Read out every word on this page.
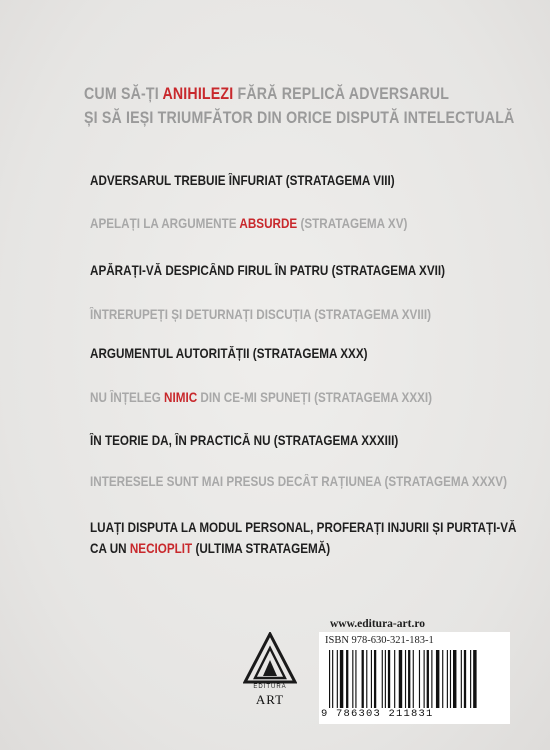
CUM SĂ-ȚI ANIHILEZI FĂRĂ REPLICĂ ADVERSARUL
ȘI SĂ IEȘI TRIUMFĂTOR DIN ORICE DISPUTĂ INTELECTUALĂ
ADVERSARUL TREBUIE ÎNFURIAT (STRATAGEMA VIII)
APELAȚI LA ARGUMENTE ABSURDE (STRATAGEMA XV)
APĂRAȚI-VĂ DESPICÂND FIRUL ÎN PATRU (STRATAGEMA XVII)
ÎNTRERUPEȚI ȘI DETURNAȚI DISCUȚIA (STRATAGEMA XVIII)
ARGUMENTUL AUTORITĂȚII (STRATAGEMA XXX)
NU ÎNȚELEG NIMIC DIN CE-MI SPUNEȚI (STRATAGEMA XXXI)
ÎN TEORIE DA, ÎN PRACTICĂ NU (STRATAGEMA XXXIII)
INTERESELE SUNT MAI PRESUS DECÂT RAȚIUNEA (STRATAGEMA XXXV)
LUAȚI DISPUTA LA MODUL PERSONAL, PROFERAȚI INJURII ȘI PURTAȚI-VĂ
CA UN NECIOPLIT (ULTIMA STRATAGEMĂ)
EDITURA
ART
www.editura-art.ro
ISBN 978-630-321-183-1
9 786303 211831
